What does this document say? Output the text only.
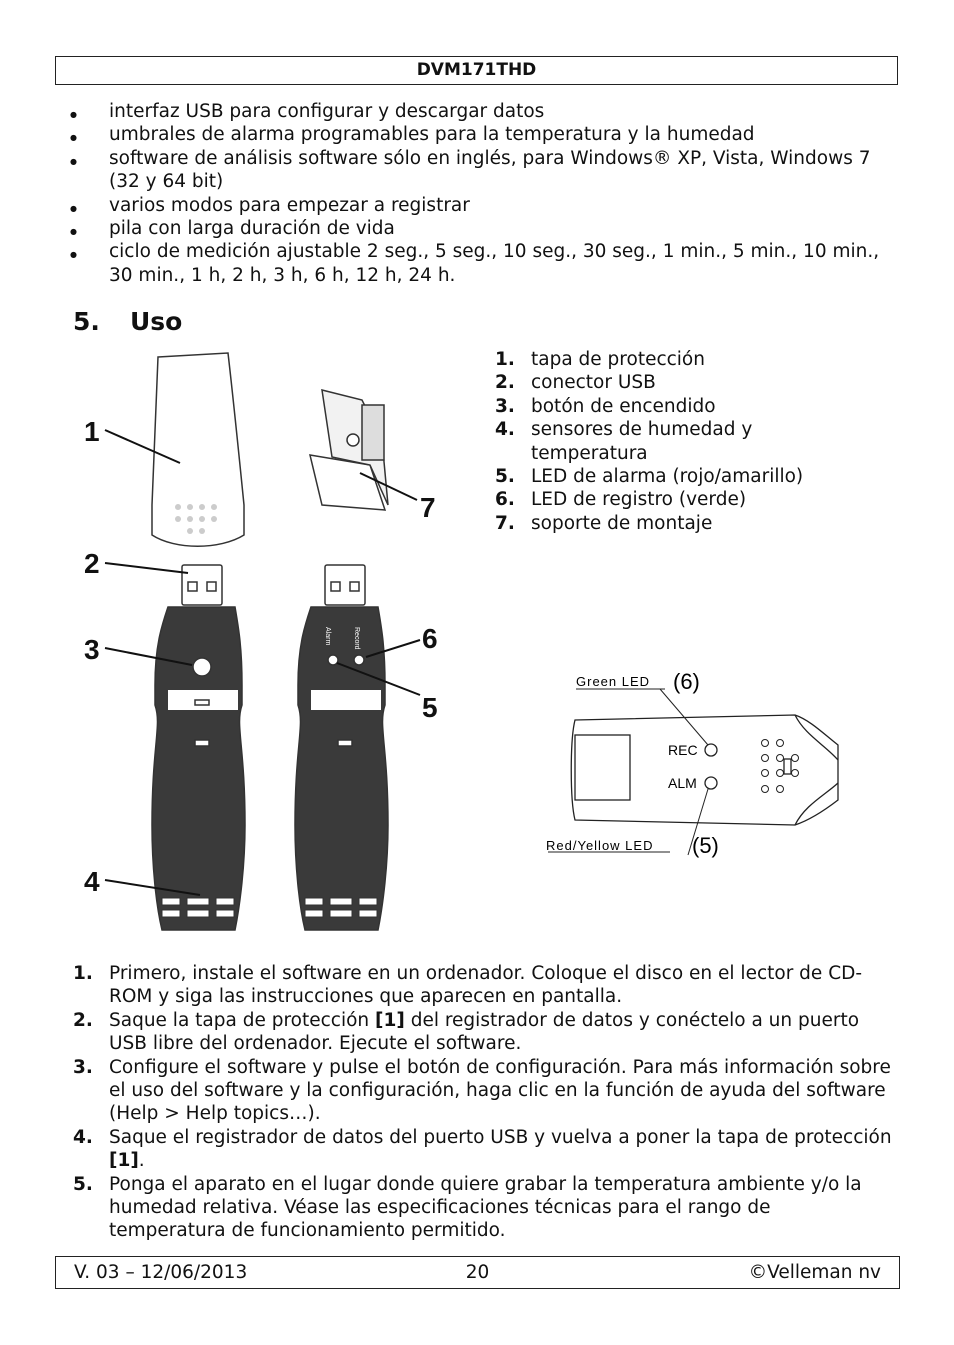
DVM171THD
● interfaz USB para configurar y descargar datos
● umbrales de alarma programables para la temperatura y la humedad
● software de análisis software sólo en inglés, para Windows® XP, Vista, Windows 7 (32 y 64 bit)
● varios modos para empezar a registrar
● pila con larga duración de vida
● ciclo de medición ajustable 2 seg., 5 seg., 10 seg., 30 seg., 1 min., 5 min., 10 min., 30 min., 1 h, 2 h, 3 h, 6 h, 12 h, 24 h.
5. Uso
Alarm	Record
1
2
3
4
5
6
7
1. tapa de protección
2. conector USB
3. botón de encendido
4. sensores de humedad y temperatura
5. LED de alarma (rojo/amarillo)
6. LED de registro (verde)
7. soporte de montaje
Green LED (6)
REC
ALM
Red/Yellow LED (5)
1. Primero, instale el software en un ordenador. Coloque el disco en el lector de CD-ROM y siga las instrucciones que aparecen en pantalla.
2. Saque la tapa de protección [1] del registrador de datos y conéctelo a un puerto USB libre del ordenador. Ejecute el software.
3. Configure el software y pulse el botón de configuración. Para más información sobre el uso del software y la configuración, haga clic en la función de ayuda del software (Help > Help topics…).
4. Saque el registrador de datos del puerto USB y vuelva a poner la tapa de protección [1].
5. Ponga el aparato en el lugar donde quiere grabar la temperatura ambiente y/o la humedad relativa. Véase las especificaciones técnicas para el rango de temperatura de funcionamiento permitido.
V. 03 – 12/06/2013	20	©Velleman nv
